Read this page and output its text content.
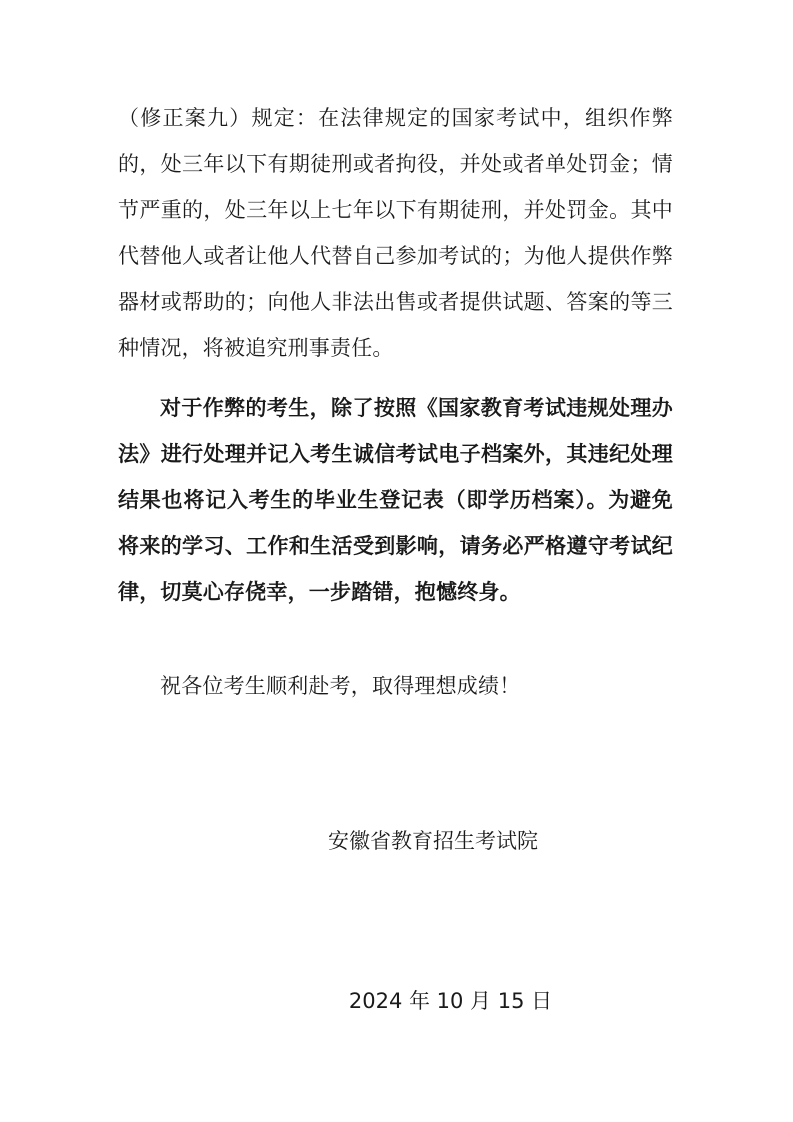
（修正案九）规定：在法律规定的国家考试中，组织作弊的，处三年以下有期徒刑或者拘役，并处或者单处罚金；情节严重的，处三年以上七年以下有期徒刑，并处罚金。其中代替他人或者让他人代替自己参加考试的；为他人提供作弊器材或帮助的；向他人非法出售或者提供试题、答案的等三种情况，将被追究刑事责任。

对于作弊的考生，除了按照《国家教育考试违规处理办法》进行处理并记入考生诚信考试电子档案外，其违纪处理结果也将记入考生的毕业生登记表（即学历档案）。为避免将来的学习、工作和生活受到影响，请务必严格遵守考试纪律，切莫心存侥幸，一步踏错，抱憾终身。

祝各位考生顺利赴考，取得理想成绩！

安徽省教育招生考试院

2024 年 10 月 15 日
